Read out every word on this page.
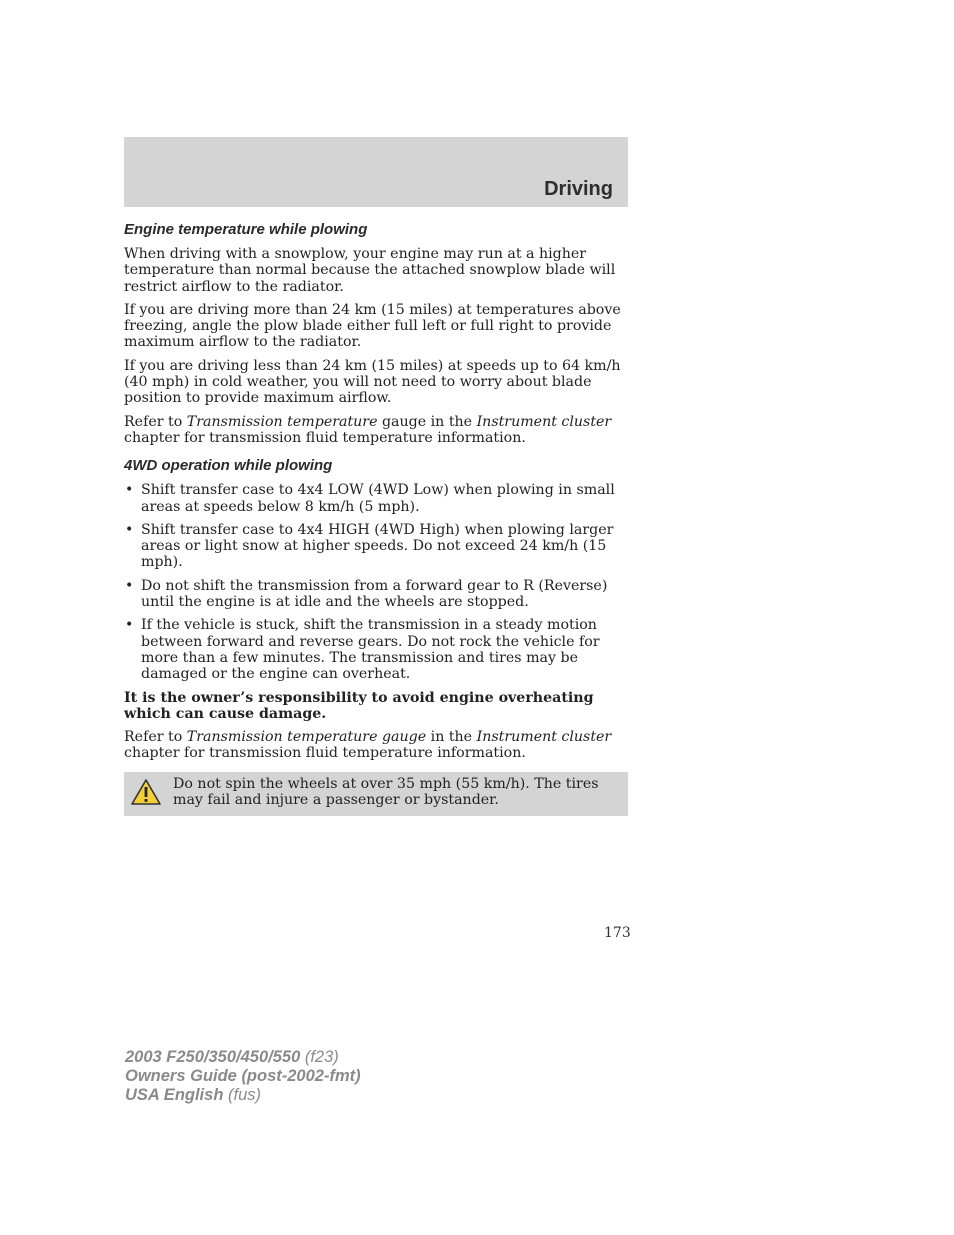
Driving
Engine temperature while plowing

When driving with a snowplow, your engine may run at a higher temperature than normal because the attached snowplow blade will restrict airflow to the radiator.

If you are driving more than 24 km (15 miles) at temperatures above freezing, angle the plow blade either full left or full right to provide maximum airflow to the radiator.

If you are driving less than 24 km (15 miles) at speeds up to 64 km/h (40 mph) in cold weather, you will not need to worry about blade position to provide maximum airflow.

Refer to Transmission temperature gauge in the Instrument cluster chapter for transmission fluid temperature information.

4WD operation while plowing
• Shift transfer case to 4x4 LOW (4WD Low) when plowing in small areas at speeds below 8 km/h (5 mph).
• Shift transfer case to 4x4 HIGH (4WD High) when plowing larger areas or light snow at higher speeds. Do not exceed 24 km/h (15 mph).
• Do not shift the transmission from a forward gear to R (Reverse) until the engine is at idle and the wheels are stopped.
• If the vehicle is stuck, shift the transmission in a steady motion between forward and reverse gears. Do not rock the vehicle for more than a few minutes. The transmission and tires may be damaged or the engine can overheat.

It is the owner’s responsibility to avoid engine overheating which can cause damage.

Refer to Transmission temperature gauge in the Instrument cluster chapter for transmission fluid temperature information.

Do not spin the wheels at over 35 mph (55 km/h). The tires may fail and injure a passenger or bystander.
173
2003 F250/350/450/550 (f23)
Owners Guide (post-2002-fmt)
USA English (fus)
